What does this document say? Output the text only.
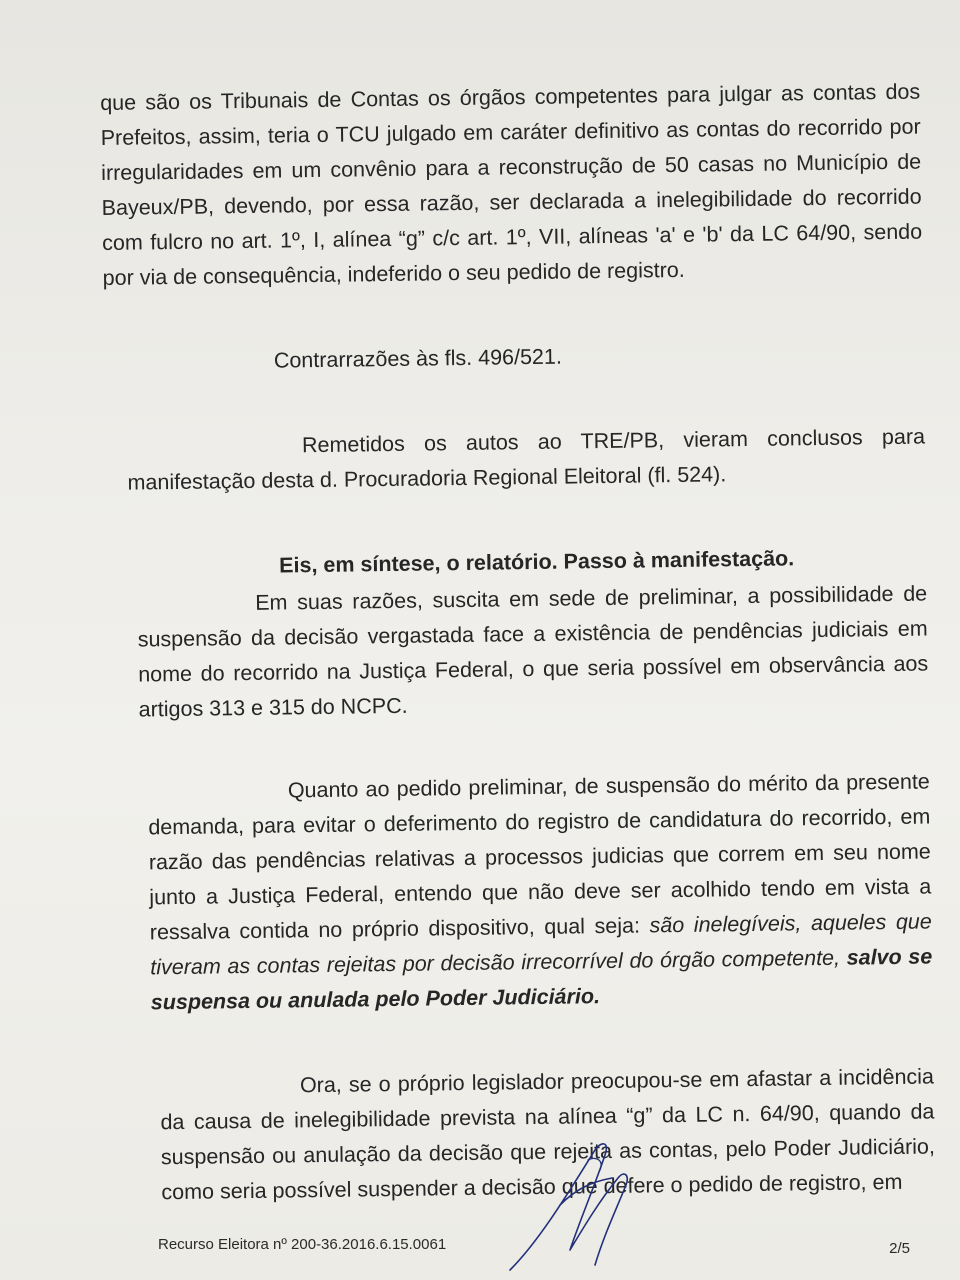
que são os Tribunais de Contas os órgãos competentes para julgar as contas dos Prefeitos, assim, teria o TCU julgado em caráter definitivo as contas do recorrido por irregularidades em um convênio para a reconstrução de 50 casas no Município de Bayeux/PB, devendo, por essa razão, ser declarada a inelegibilidade do recorrido com fulcro no art. 1º, I, alínea “g” c/c art. 1º, VII, alíneas 'a' e 'b' da LC 64/90, sendo por via de consequência, indeferido o seu pedido de registro.

Contrarrazões às fls. 496/521.

Remetidos os autos ao TRE/PB, vieram conclusos para manifestação desta d. Procuradoria Regional Eleitoral (fl. 524).

Eis, em síntese, o relatório. Passo à manifestação.

Em suas razões, suscita em sede de preliminar, a possibilidade de suspensão da decisão vergastada face a existência de pendências judiciais em nome do recorrido na Justiça Federal, o que seria possível em observância aos artigos 313 e 315 do NCPC.

Quanto ao pedido preliminar, de suspensão do mérito da presente demanda, para evitar o deferimento do registro de candidatura do recorrido, em razão das pendências relativas a processos judicias que correm em seu nome junto a Justiça Federal, entendo que não deve ser acolhido tendo em vista a ressalva contida no próprio dispositivo, qual seja: são inelegíveis, aqueles que tiveram as contas rejeitas por decisão irrecorrível do órgão competente, salvo se suspensa ou anulada pelo Poder Judiciário.

Ora, se o próprio legislador preocupou-se em afastar a incidência da causa de inelegibilidade prevista na alínea “g” da LC n. 64/90, quando da suspensão ou anulação da decisão que rejeita as contas, pelo Poder Judiciário, como seria possível suspender a decisão que defere o pedido de registro, em

Recurso Eleitora nº 200-36.2016.6.15.0061	2/5
